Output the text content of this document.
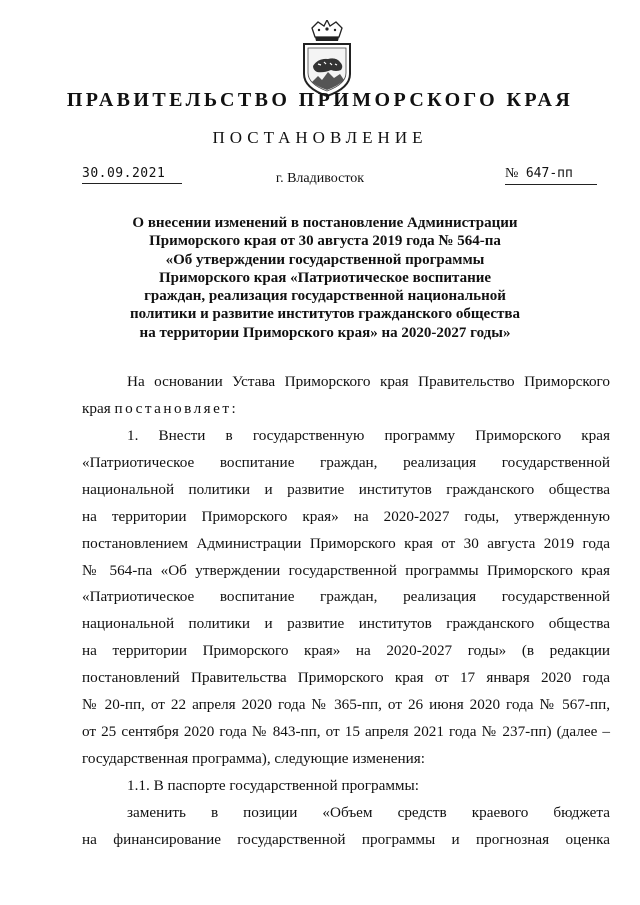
ПРАВИТЕЛЬСТВО ПРИМОРСКОГО КРАЯ
ПОСТАНОВЛЕНИЕ
30.09.2021	г. Владивосток	№ 647-пп
О внесении изменений в постановление Администрации
Приморского края от 30 августа 2019 года № 564-па
«Об утверждении государственной программы
Приморского края «Патриотическое воспитание
граждан, реализация государственной национальной
политики и развитие институтов гражданского общества
на территории Приморского края» на 2020-2027 годы»
На основании Устава Приморского края Правительство Приморского
края постановляет:
1. Внести в государственную программу Приморского края
«Патриотическое воспитание граждан, реализация государственной
национальной политики и развитие институтов гражданского общества
на территории Приморского края» на 2020-2027 годы, утвержденную
постановлением Администрации Приморского края от 30 августа 2019 года
№ 564-па «Об утверждении государственной программы Приморского края
«Патриотическое воспитание граждан, реализация государственной
национальной политики и развитие институтов гражданского общества
на территории Приморского края» на 2020-2027 годы» (в редакции
постановлений Правительства Приморского края от 17 января 2020 года
№ 20-пп, от 22 апреля 2020 года № 365-пп, от 26 июня 2020 года № 567-пп,
от 25 сентября 2020 года № 843-пп, от 15 апреля 2021 года № 237-пп) (далее –
государственная программа), следующие изменения:
1.1. В паспорте государственной программы:
заменить в позиции «Объем средств краевого бюджета
на финансирование государственной программы и прогнозная оценка
